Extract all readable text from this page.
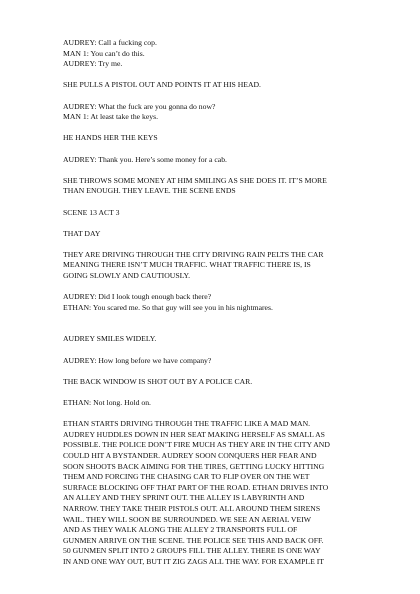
AUDREY: Call a fucking cop.
MAN 1: You can’t do this.
AUDREY: Try me.
SHE PULLS A PISTOL OUT AND POINTS IT AT HIS HEAD.
AUDREY: What the fuck are you gonna do now?
MAN 1: At least take the keys.
HE HANDS HER THE KEYS
AUDREY: Thank you. Here’s some money for a cab.
SHE THROWS SOME MONEY AT HIM SMILING AS SHE DOES IT. IT’S MORE
THAN ENOUGH. THEY LEAVE. THE SCENE ENDS
SCENE 13 ACT 3
THAT DAY
THEY ARE DRIVING THROUGH THE CITY DRIVING RAIN PELTS THE CAR
MEANING THERE ISN’T MUCH TRAFFIC. WHAT TRAFFIC THERE IS, IS
GOING SLOWLY AND CAUTIOUSLY.
AUDREY: Did I look tough enough back there?
ETHAN: You scared me. So that guy will see you in his nightmares.
AUDREY SMILES WIDELY.
AUDREY: How long before we have company?
THE BACK WINDOW IS SHOT OUT BY A POLICE CAR.
ETHAN: Not long. Hold on.
ETHAN STARTS DRIVING THROUGH THE TRAFFIC LIKE A MAD MAN.
AUDREY HUDDLES DOWN IN HER SEAT MAKING HERSELF AS SMALL AS
POSSIBLE. THE POLICE DON’T FIRE MUCH AS THEY ARE IN THE CITY AND
COULD HIT A BYSTANDER. AUDREY SOON CONQUERS HER FEAR AND
SOON SHOOTS BACK AIMING FOR THE TIRES, GETTING LUCKY HITTING
THEM AND FORCING THE CHASING CAR TO FLIP OVER ON THE WET
SURFACE BLOCKING OFF THAT PART OF THE ROAD. ETHAN DRIVES INTO
AN ALLEY AND THEY SPRINT OUT. THE ALLEY IS LABYRINTH AND
NARROW. THEY TAKE THEIR PISTOLS OUT. ALL AROUND THEM SIRENS
WAIL. THEY WILL SOON BE SURROUNDED. WE SEE AN AERIAL VEIW
AND AS THEY WALK ALONG THE ALLEY 2 TRANSPORTS FULL OF
GUNMEN ARRIVE ON THE SCENE. THE POLICE SEE THIS AND BACK OFF.
50 GUNMEN SPLIT INTO 2 GROUPS FILL THE ALLEY. THERE IS ONE WAY
IN AND ONE WAY OUT, BUT IT ZIG ZAGS ALL THE WAY. FOR EXAMPLE IT
